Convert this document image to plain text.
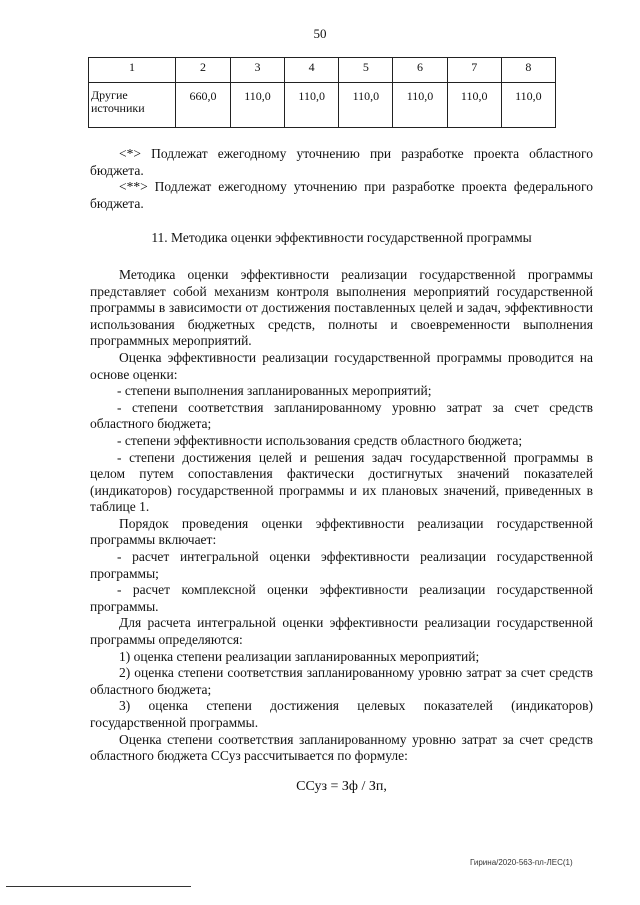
50
1	2	3	4	5	6	7	8
Другие источники	660,0	110,0	110,0	110,0	110,0	110,0	110,0

<*> Подлежат ежегодному уточнению при разработке проекта областного бюджета.

<**> Подлежат ежегодному уточнению при разработке проекта федерального бюджета.

11. Методика оценки эффективности государственной программы

Методика оценки эффективности реализации государственной программы представляет собой механизм контроля выполнения мероприятий государственной программы в зависимости от достижения поставленных целей и задач, эффективности использования бюджетных средств, полноты и своевременности выполнения программных мероприятий.

Оценка эффективности реализации государственной программы проводится на основе оценки:

- степени выполнения запланированных мероприятий;

- степени соответствия запланированному уровню затрат за счет средств областного бюджета;

- степени эффективности использования средств областного бюджета;

- степени достижения целей и решения задач государственной программы в целом путем сопоставления фактически достигнутых значений показателей (индикаторов) государственной программы и их плановых значений, приведенных в таблице 1.

Порядок проведения оценки эффективности реализации государственной программы включает:

- расчет интегральной оценки эффективности реализации государственной программы;

- расчет комплексной оценки эффективности реализации государственной программы.

Для расчета интегральной оценки эффективности реализации государственной программы определяются:

1) оценка степени реализации запланированных мероприятий;

2) оценка степени соответствия запланированному уровню затрат за счет средств областного бюджета;

3) оценка степени достижения целевых показателей (индикаторов) государственной программы.

Оценка степени соответствия запланированному уровню затрат за счет средств областного бюджета ССуз рассчитывается по формуле:

ССуз = Зф / Зп,

Гирина/2020-563-пл-ЛЕС(1)
